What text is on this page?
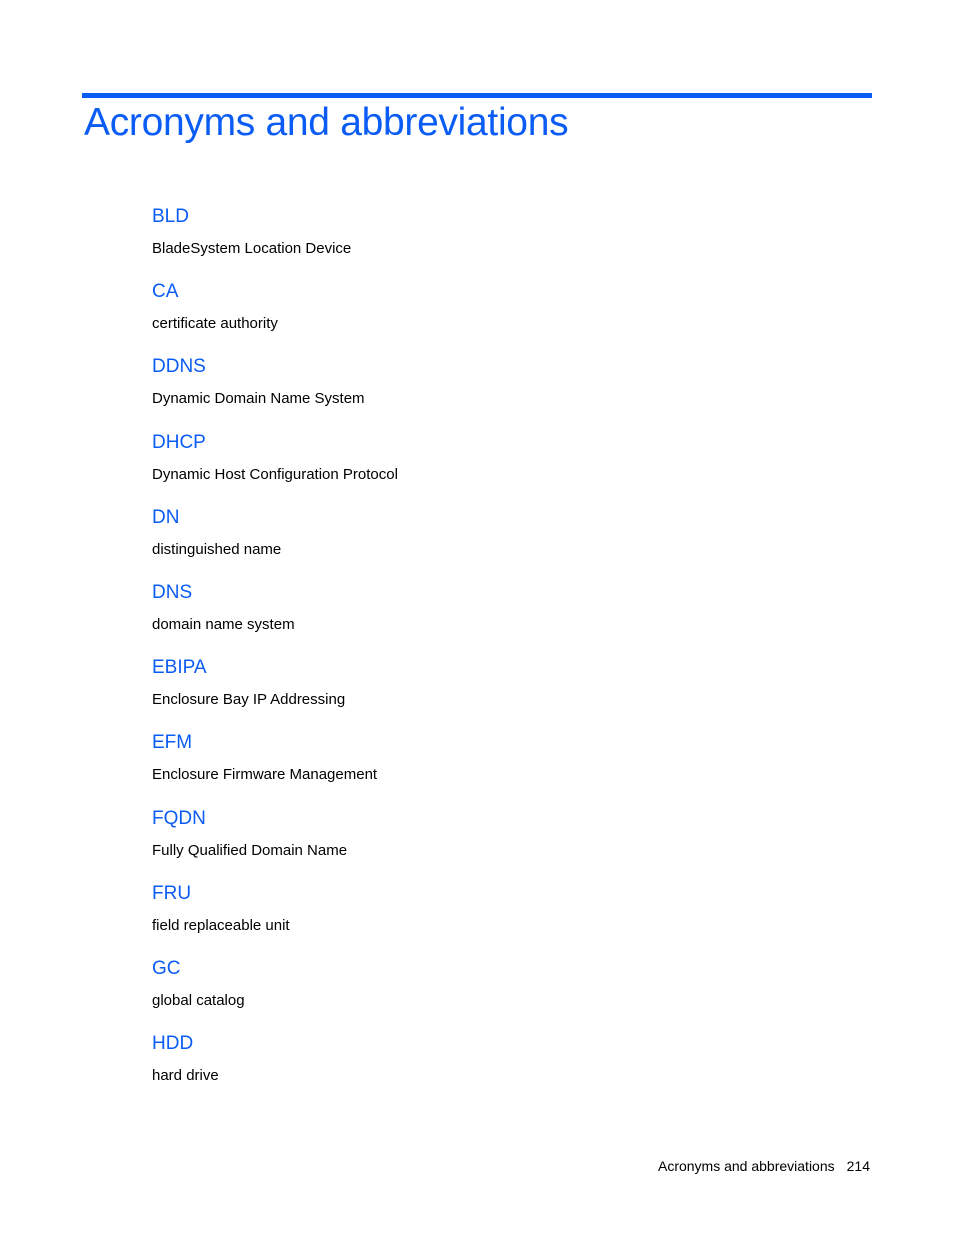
Acronyms and abbreviations
BLD
BladeSystem Location Device
CA
certificate authority
DDNS
Dynamic Domain Name System
DHCP
Dynamic Host Configuration Protocol
DN
distinguished name
DNS
domain name system
EBIPA
Enclosure Bay IP Addressing
EFM
Enclosure Firmware Management
FQDN
Fully Qualified Domain Name
FRU
field replaceable unit
GC
global catalog
HDD
hard drive
Acronyms and abbreviations 214
